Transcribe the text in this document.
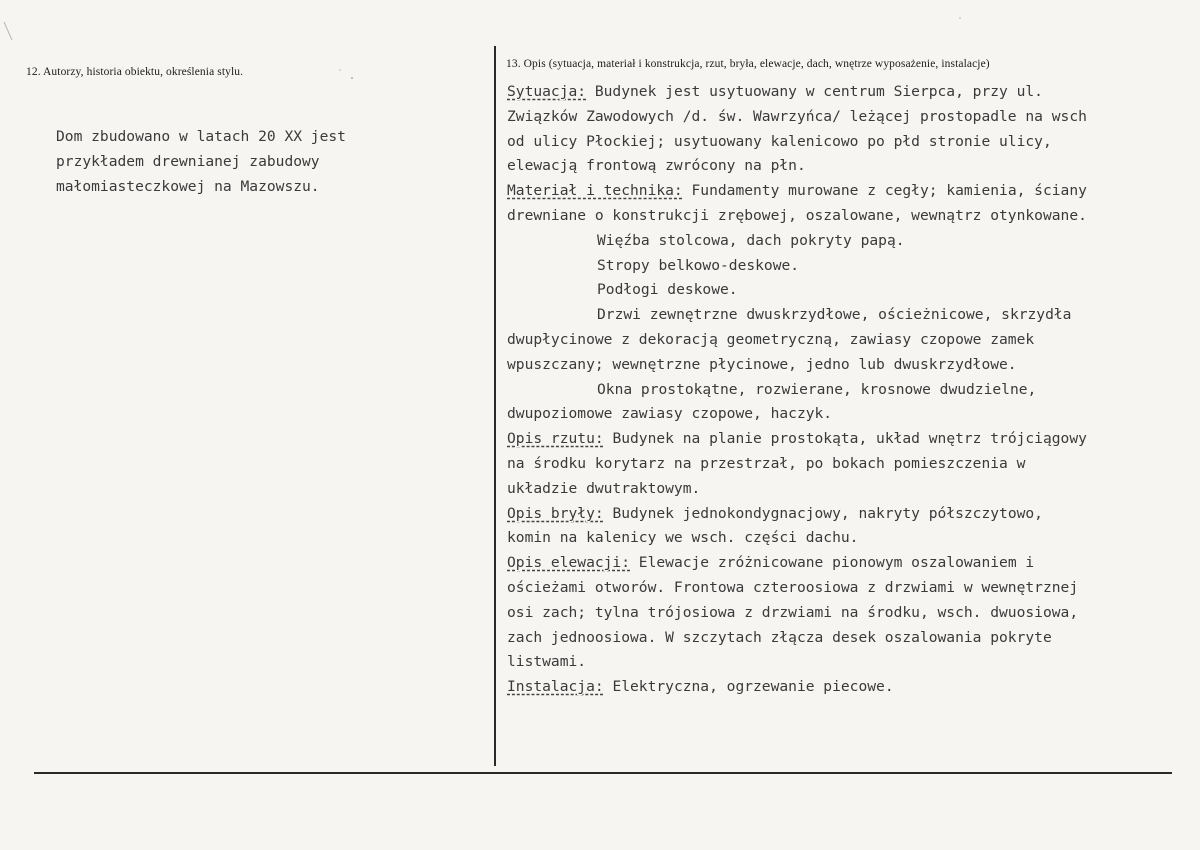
12. Autorzy, historia obiektu, określenia stylu.
Dom zbudowano w latach 20 XX jest
przykładem drewnianej zabudowy
małomiasteczkowej na Mazowszu.
13. Opis (sytuacja, materiał i konstrukcja, rzut, bryła, elewacje, dach, wnętrze wyposażenie, instalacje)
Sytuacja: Budynek jest usytuowany w centrum Sierpca, przy ul.
Związków Zawodowych /d. św. Wawrzyńca/ leżącej prostopadle na wsch
od ulicy Płockiej; usytuowany kalenicowo po płd stronie ulicy,
elewacją frontową zwrócony na płn.
Materiał i technika: Fundamenty murowane z cegły; kamienia, ściany
drewniane o konstrukcji zrębowej, oszalowane, wewnątrz otynkowane.
Więźba stolcowa, dach pokryty papą.
Stropy belkowo-deskowe.
Podłogi deskowe.
Drzwi zewnętrzne dwuskrzydłowe, ościeżnicowe, skrzydła
dwupłycinowe z dekoracją geometryczną, zawiasy czopowe zamek
wpuszczany; wewnętrzne płycinowe, jedno lub dwuskrzydłowe.
Okna prostokątne, rozwierane, krosnowe dwudzielne,
dwupoziomowe zawiasy czopowe, haczyk.
Opis rzutu: Budynek na planie prostokąta, układ wnętrz trójciągowy
na środku korytarz na przestrzał, po bokach pomieszczenia w
układzie dwutraktowym.
Opis bryły: Budynek jednokondygnacjowy, nakryty półszczytowo,
komin na kalenicy we wsch. części dachu.
Opis elewacji: Elewacje zróżnicowane pionowym oszalowaniem i
ościeżami otworów. Frontowa czteroosiowa z drzwiami w wewnętrznej
osi zach; tylna trójosiowa z drzwiami na środku, wsch. dwuosiowa,
zach jednoosiowa. W szczytach złącza desek oszalowania pokryte
listwami.
Instalacja: Elektryczna, ogrzewanie piecowe.
